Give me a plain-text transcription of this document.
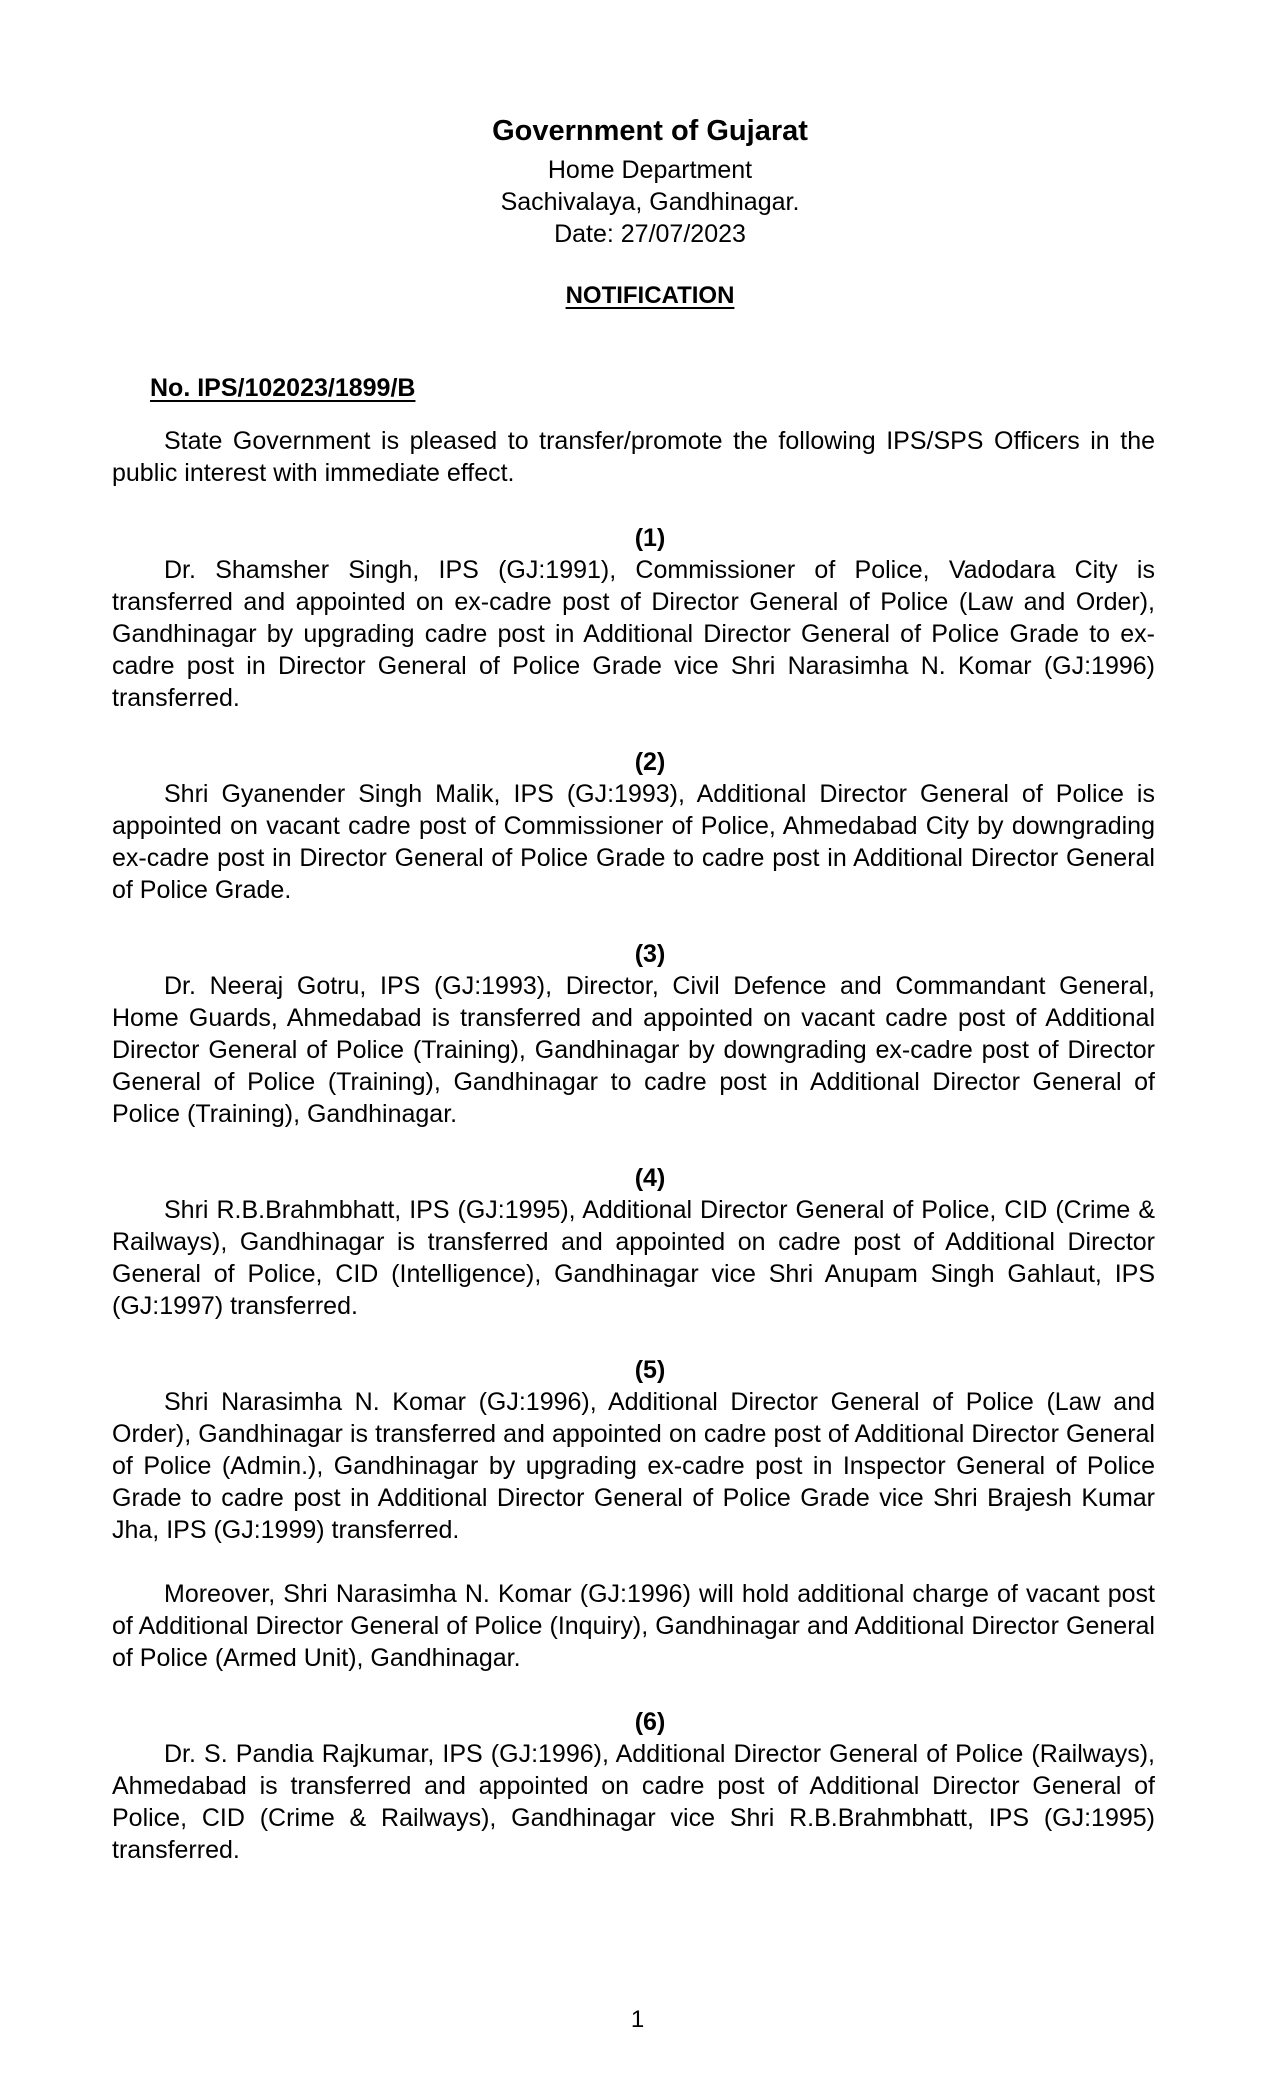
Government of Gujarat
Home Department
Sachivalaya, Gandhinagar.
Date: 27/07/2023
NOTIFICATION
No. IPS/102023/1899/B

State Government is pleased to transfer/promote the following IPS/SPS Officers in the public interest with immediate effect.

(1)

Dr. Shamsher Singh, IPS (GJ:1991), Commissioner of Police, Vadodara City is transferred and appointed on ex-cadre post of Director General of Police (Law and Order), Gandhinagar by upgrading cadre post in Additional Director General of Police Grade to ex-cadre post in Director General of Police Grade vice Shri Narasimha N. Komar (GJ:1996) transferred.

(2)

Shri Gyanender Singh Malik, IPS (GJ:1993), Additional Director General of Police is appointed on vacant cadre post of Commissioner of Police, Ahmedabad City by downgrading ex-cadre post in Director General of Police Grade to cadre post in Additional Director General of Police Grade.

(3)

Dr. Neeraj Gotru, IPS (GJ:1993), Director, Civil Defence and Commandant General, Home Guards, Ahmedabad is transferred and appointed on vacant cadre post of Additional Director General of Police (Training), Gandhinagar by downgrading ex-cadre post of Director General of Police (Training), Gandhinagar to cadre post in Additional Director General of Police (Training), Gandhinagar.

(4)

Shri R.B.Brahmbhatt, IPS (GJ:1995), Additional Director General of Police, CID (Crime & Railways), Gandhinagar is transferred and appointed on cadre post of Additional Director General of Police, CID (Intelligence), Gandhinagar vice Shri Anupam Singh Gahlaut, IPS (GJ:1997) transferred.

(5)

Shri Narasimha N. Komar (GJ:1996), Additional Director General of Police (Law and Order), Gandhinagar is transferred and appointed on cadre post of Additional Director General of Police (Admin.), Gandhinagar by upgrading ex-cadre post in Inspector General of Police Grade to cadre post in Additional Director General of Police Grade vice Shri Brajesh Kumar Jha, IPS (GJ:1999) transferred.

Moreover, Shri Narasimha N. Komar (GJ:1996) will hold additional charge of vacant post of Additional Director General of Police (Inquiry), Gandhinagar and Additional Director General of Police (Armed Unit), Gandhinagar.

(6)

Dr. S. Pandia Rajkumar, IPS (GJ:1996), Additional Director General of Police (Railways), Ahmedabad is transferred and appointed on cadre post of Additional Director General of Police, CID (Crime & Railways), Gandhinagar vice Shri R.B.Brahmbhatt, IPS (GJ:1995) transferred.

1
